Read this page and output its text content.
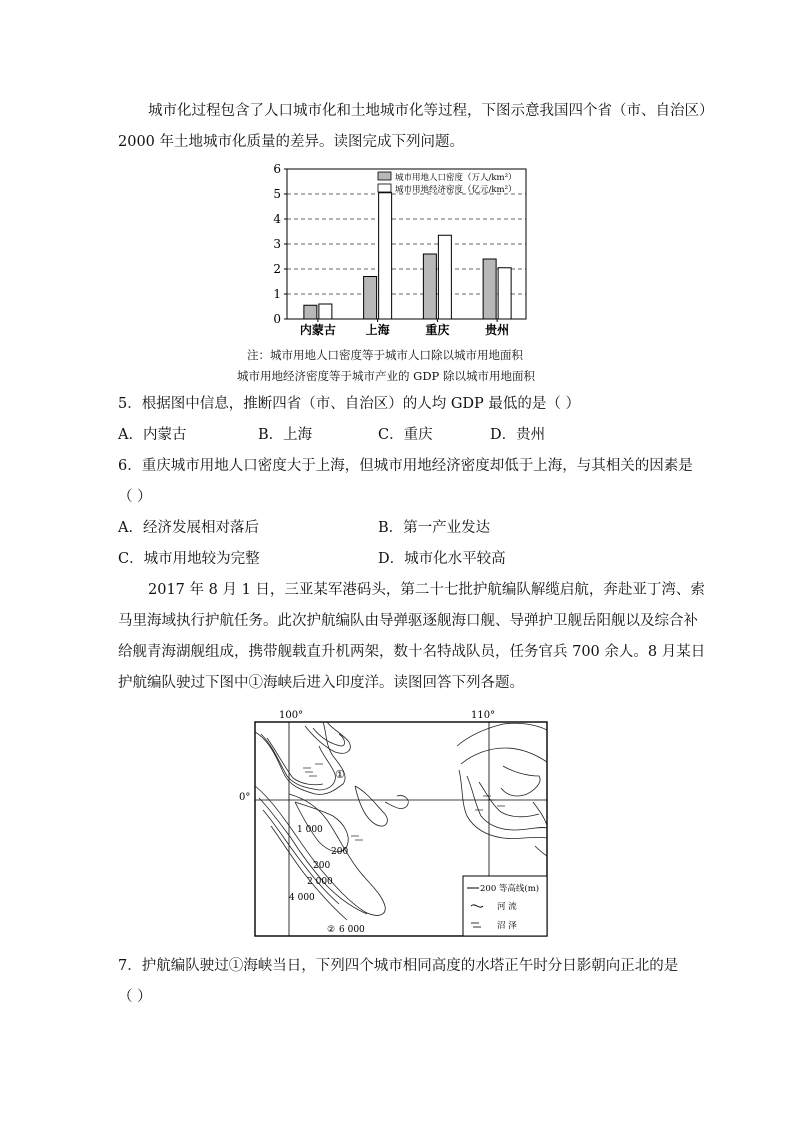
城市化过程包含了人口城市化和土地城市化等过程，下图示意我国四个省（市、自治区）
2000 年土地城市化质量的差异。读图完成下列问题。
0
1
2
3
4
5
6
内蒙古 上海	重庆	贵州
城市用地人口密度（万人/km²）
城市用地经济密度（亿元/km²）
注：城市用地人口密度等于城市人口除以城市用地面积
城市用地经济密度等于城市产业的 GDP 除以城市用地面积
5．根据图中信息，推断四省（市、自治区）的人均 GDP 最低的是（ ）
A．内蒙古	B．上海	C．重庆	D．贵州
6．重庆城市用地人口密度大于上海，但城市用地经济密度却低于上海，与其相关的因素是
（ ）
A．经济发展相对落后	B．第一产业发达
C．城市用地较为完整	D．城市化水平较高
2017 年 8 月 1 日，三亚某军港码头，第二十七批护航编队解缆启航，奔赴亚丁湾、索
马里海域执行护航任务。此次护航编队由导弹驱逐舰海口舰、导弹护卫舰岳阳舰以及综合补
给舰青海湖舰组成，携带舰载直升机两架，数十名特战队员，任务官兵 700 余人。8 月某日
护航编队驶过下图中①海峡后进入印度洋。读图回答下列各题。
100°	110°
0°
①
200
200
1 000
2 000
4 000
② 6 000
200 等高线(m)
河 流
沼 泽
7．护航编队驶过①海峡当日，下列四个城市相同高度的水塔正午时分日影朝向正北的是
（ ）
